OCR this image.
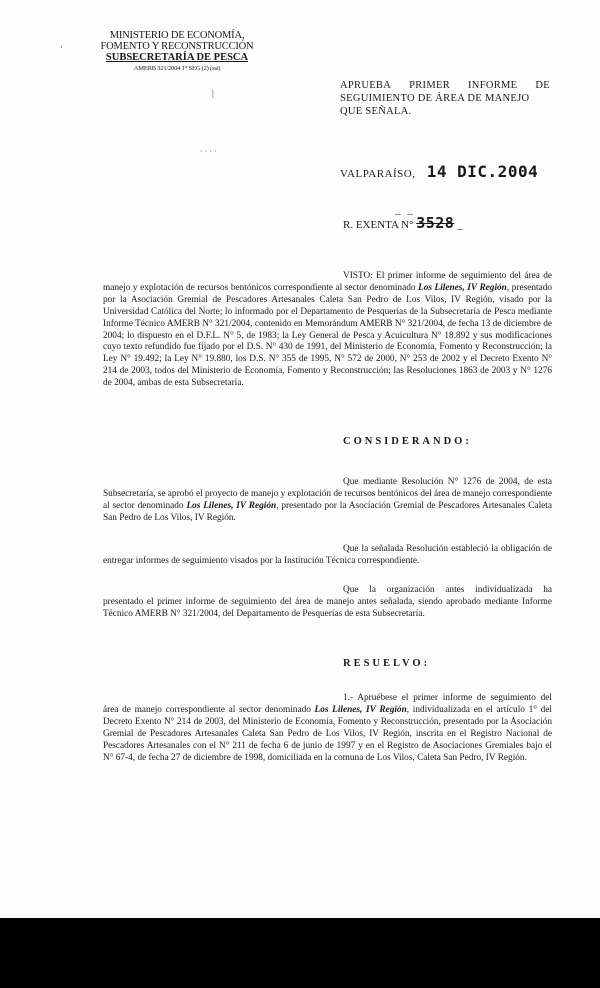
MINISTERIO DE ECONOMÍA,
FOMENTO Y RECONSTRUCCIÓN
SUBSECRETARÍA DE PESCA
AMERB 321/2004 1° SEG (2) (ssi)
·
|
APRUEBA PRIMER INFORME DE
SEGUIMIENTO DE ÁREA DE MANEJO
QUE SEÑALA.
· · · ·
VALPARAÍSO, 14 DIC.2004
_ _
R. EXENTA N° 3528 _
VISTO: El primer informe de seguimiento del área de manejo y explotación de recursos bentónicos correspondiente al sector denominado Los Lilenes, IV Región, presentado por la Asociación Gremial de Pescadores Artesanales Caleta San Pedro de Los Vilos, IV Región, visado por la Universidad Católica del Norte; lo informado por el Departamento de Pesquerías de la Subsecretaría de Pesca mediante Informe Técnico AMERB N° 321/2004, contenido en Memorándum AMERB N° 321/2004, de fecha 13 de diciembre de 2004; lo dispuesto en el D.F.L. N° 5, de 1983; la Ley General de Pesca y Acuicultura N° 18.892 y sus modificaciones cuyo texto refundido fue fijado por el D.S. N° 430 de 1991, del Ministerio de Economía, Fomento y Reconstrucción; la Ley N° 19.492; la Ley N° 19.880, los D.S. N° 355 de 1995, N° 572 de 2000, N° 253 de 2002 y el Decreto Exento N° 214 de 2003, todos del Ministerio de Economía, Fomento y Reconstrucción; las Resoluciones 1863 de 2003 y N° 1276 de 2004, ambas de esta Subsecretaría.
CONSIDERANDO:
Que mediante Resolución N° 1276 de 2004, de esta Subsecretaría, se aprobó el proyecto de manejo y explotación de recursos bentónicos del área de manejo correspondiente al sector denominado Los Lilenes, IV Región, presentado por la Asociación Gremial de Pescadores Artesanales Caleta San Pedro de Los Vilos, IV Región.
Que la señalada Resolución estableció la obligación de entregar informes de seguimiento visados por la Institución Técnica correspondiente.
Que la organización antes individualizada ha presentado el primer informe de seguimiento del área de manejo antes señalada, siendo aprobado mediante Informe Técnico AMERB N° 321/2004, del Departamento de Pesquerías de esta Subsecretaría.
RESUELVO:
1.- Apruébese el primer informe de seguimiento del área de manejo correspondiente al sector denominado Los Lilenes, IV Región, individualizada en el artículo 1° del Decreto Exento N° 214 de 2003, del Ministerio de Economía, Fomento y Reconstrucción, presentado por la Asociación Gremial de Pescadores Artesanales Caleta San Pedro de Los Vilos, IV Región, inscrita en el Registro Nacional de Pescadores Artesanales con el N° 211 de fecha 6 de junio de 1997 y en el Registro de Asociaciones Gremiales bajo el N° 67-4, de fecha 27 de diciembre de 1998, domiciliada en la comuna de Los Vilos, Caleta San Pedro, IV Región.
